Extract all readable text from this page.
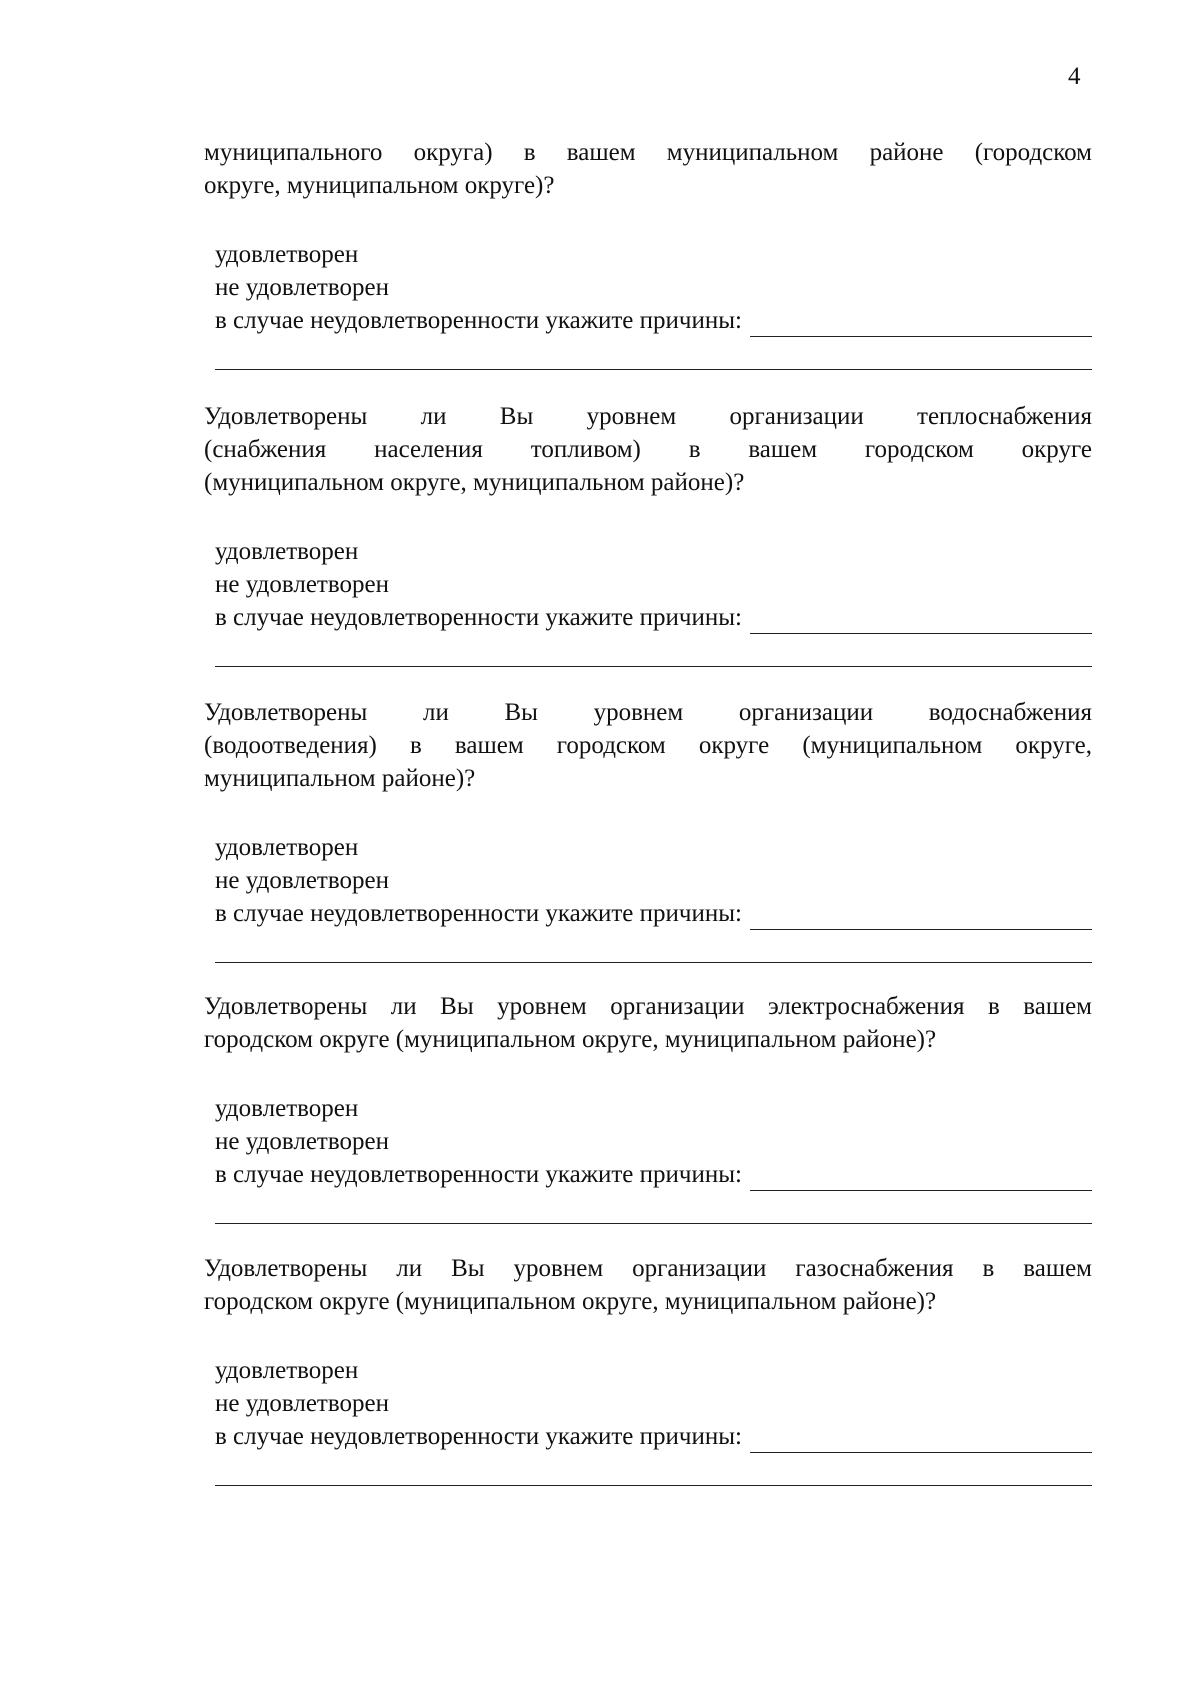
4
муниципального округа) в вашем муниципальном районе (городском
округе, муниципальном округе)?
удовлетворен
не удовлетворен
в случае неудовлетворенности укажите причины:
Удовлетворены ли Вы уровнем организации теплоснабжения
(снабжения населения топливом) в вашем городском округе
(муниципальном округе, муниципальном районе)?
удовлетворен
не удовлетворен
в случае неудовлетворенности укажите причины:
Удовлетворены ли Вы уровнем организации водоснабжения
(водоотведения) в вашем городском округе (муниципальном округе,
муниципальном районе)?
удовлетворен
не удовлетворен
в случае неудовлетворенности укажите причины:
Удовлетворены ли Вы уровнем организации электроснабжения в вашем
городском округе (муниципальном округе, муниципальном районе)?
удовлетворен
не удовлетворен
в случае неудовлетворенности укажите причины:
Удовлетворены ли Вы уровнем организации газоснабжения в вашем
городском округе (муниципальном округе, муниципальном районе)?
удовлетворен
не удовлетворен
в случае неудовлетворенности укажите причины:
